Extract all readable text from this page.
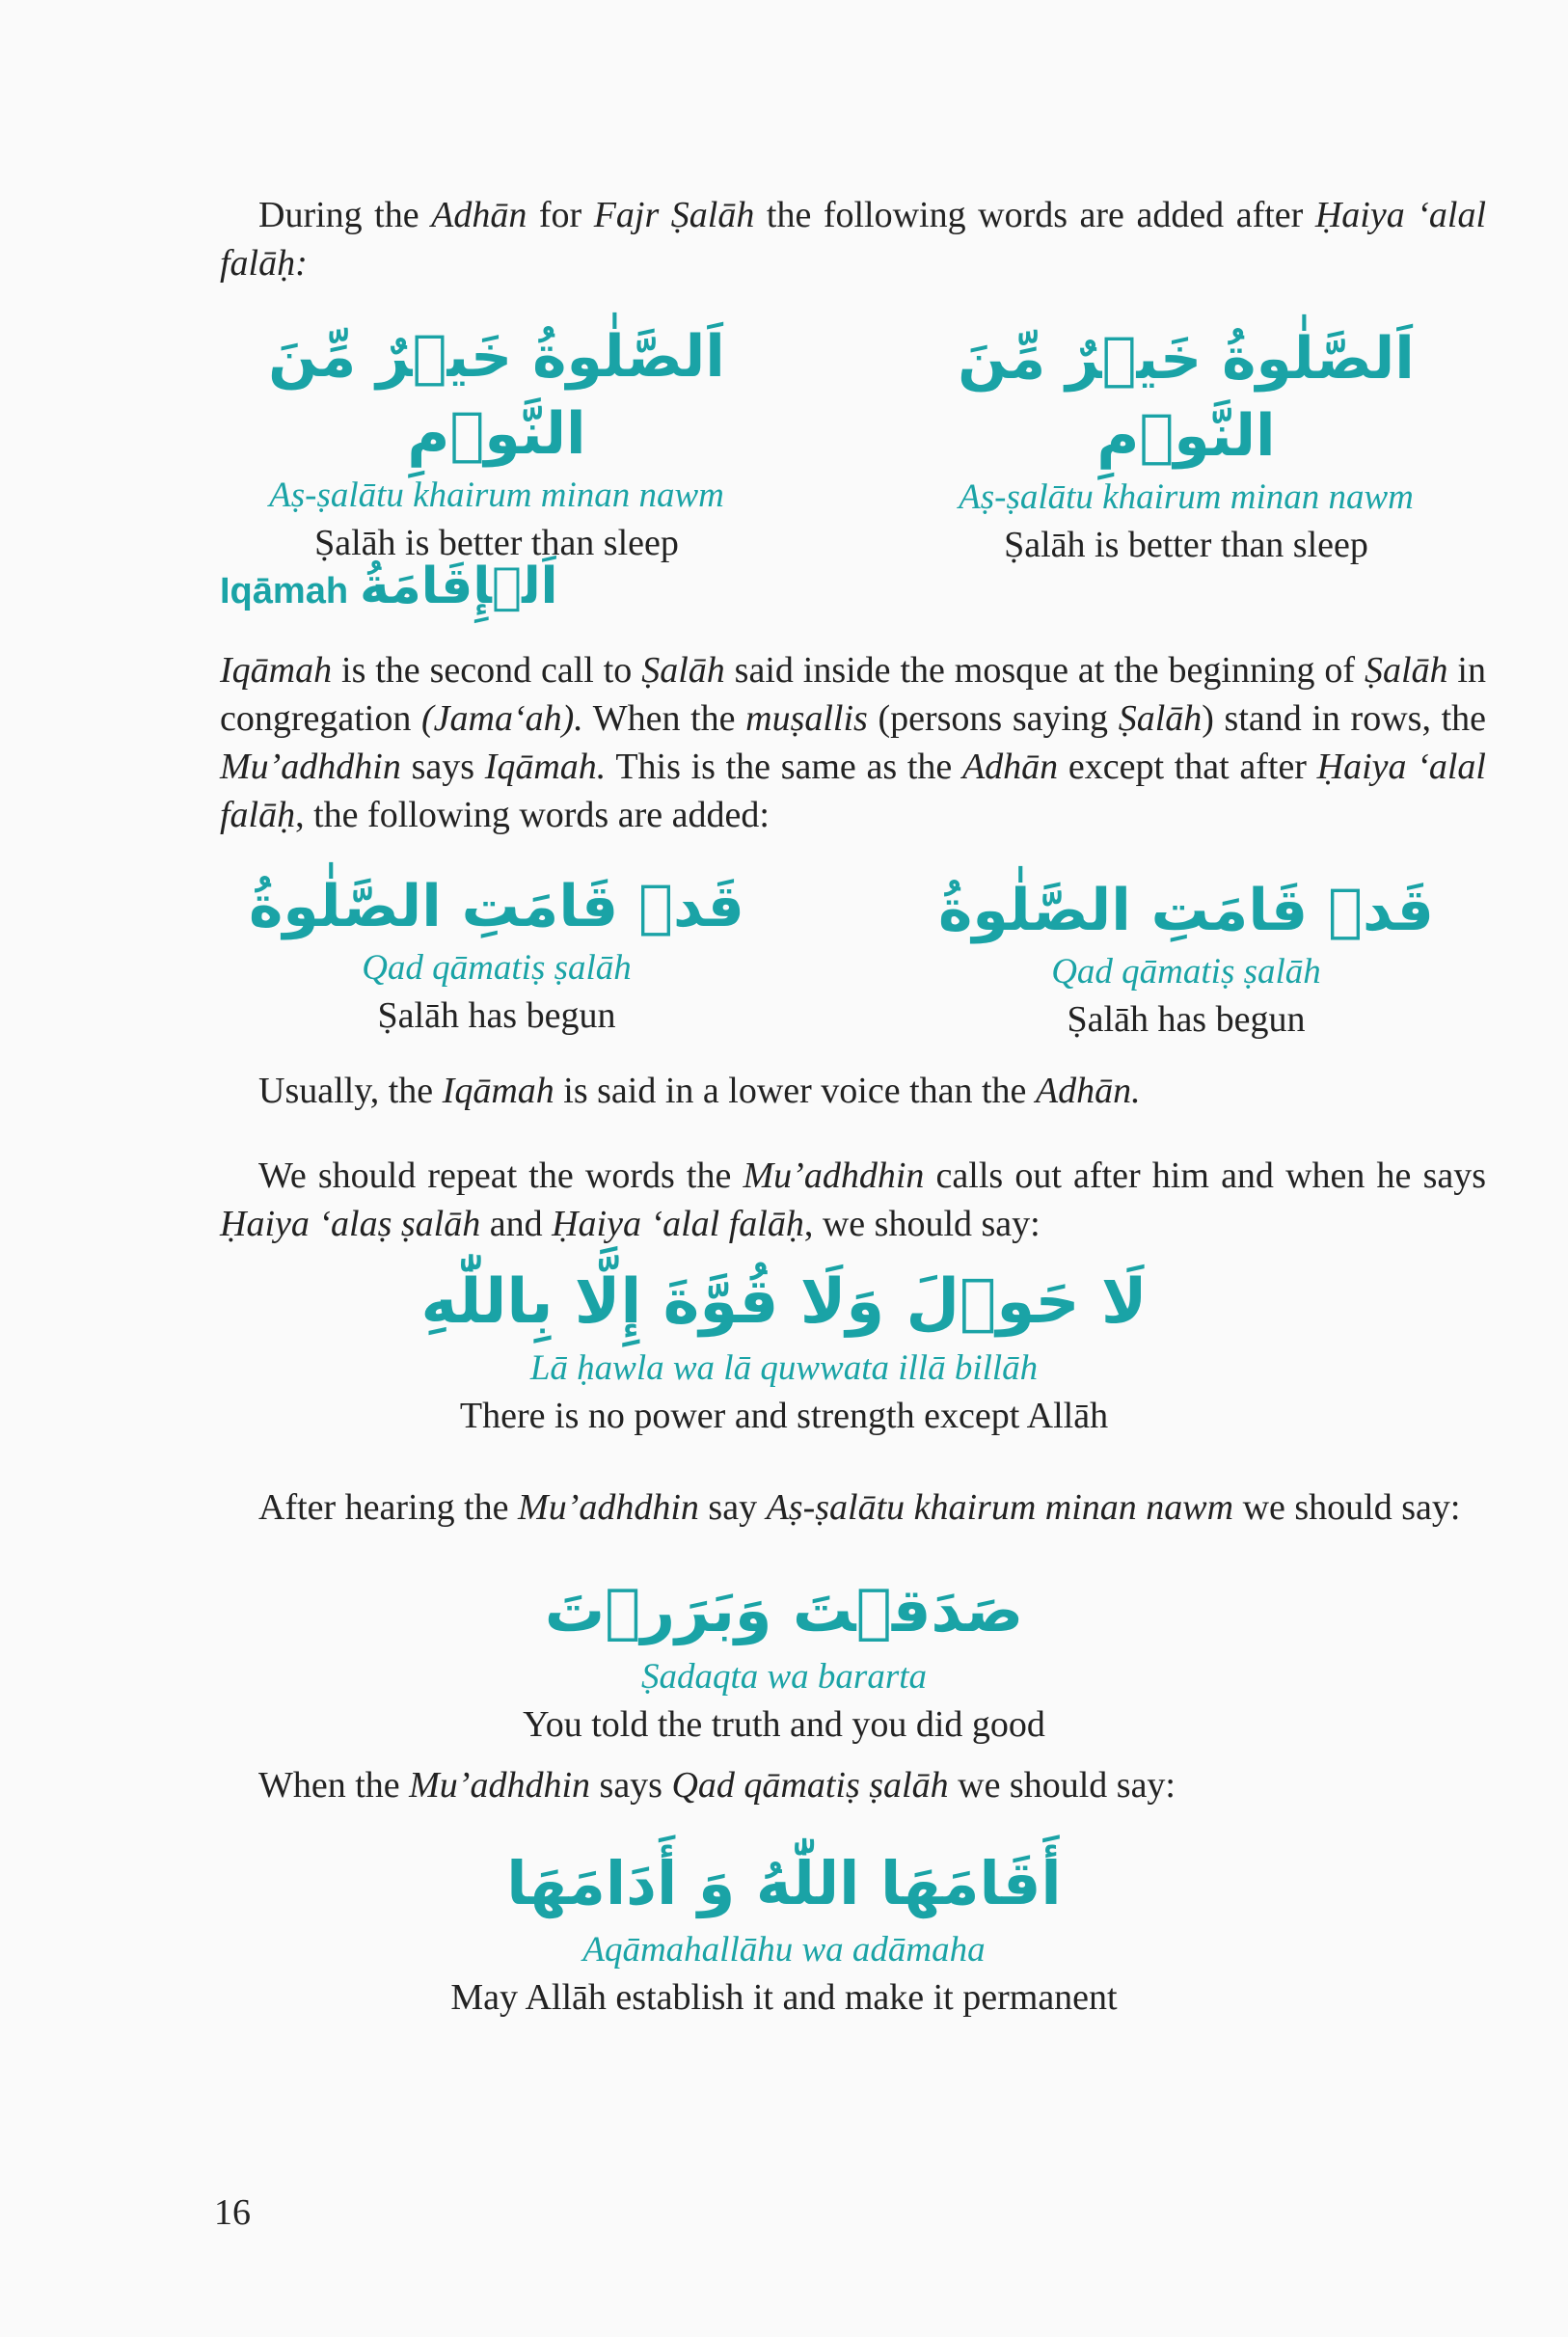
During the Adhān for Fajr Ṣalāh the following words are added after Ḥaiya ‘alal falāḥ:
اَلصَّلٰوةُ خَيۡرٌ مِّنَ النَّوۡمِ
Aṣ-ṣalātu khairum minan nawm
Ṣalāh is better than sleep
اَلصَّلٰوةُ خَيۡرٌ مِّنَ النَّوۡمِ
Aṣ-ṣalātu khairum minan nawm
Ṣalāh is better than sleep
Iqāmah اَلۡإِقَامَةُ
Iqāmah is the second call to Ṣalāh said inside the mosque at the beginning of Ṣalāh in congregation (Jama‘ah). When the muṣallis (persons saying Ṣalāh) stand in rows, the Mu’adhdhin says Iqāmah. This is the same as the Adhān except that after Ḥaiya ‘alal falāḥ, the following words are added:
قَدۡ قَامَتِ الصَّلٰوةُ
Qad qāmatiṣ ṣalāh
Ṣalāh has begun
قَدۡ قَامَتِ الصَّلٰوةُ
Qad qāmatiṣ ṣalāh
Ṣalāh has begun
Usually, the Iqāmah is said in a lower voice than the Adhān.
We should repeat the words the Mu’adhdhin calls out after him and when he says Ḥaiya ‘alaṣ ṣalāh and Ḥaiya ‘alal falāḥ, we should say:
لَا حَوۡلَ وَلَا قُوَّةَ إِلَّا بِاللّٰهِ
Lā ḥawla wa lā quwwata illā billāh
There is no power and strength except Allāh
After hearing the Mu’adhdhin say Aṣ-ṣalātu khairum minan nawm we should say:
صَدَقۡتَ وَبَرَرۡتَ
Ṣadaqta wa bararta
You told the truth and you did good
When the Mu’adhdhin says Qad qāmatiṣ ṣalāh we should say:
أَقَامَهَا اللّٰهُ وَ أَدَامَهَا
Aqāmahallāhu wa adāmaha
May Allāh establish it and make it permanent
16
